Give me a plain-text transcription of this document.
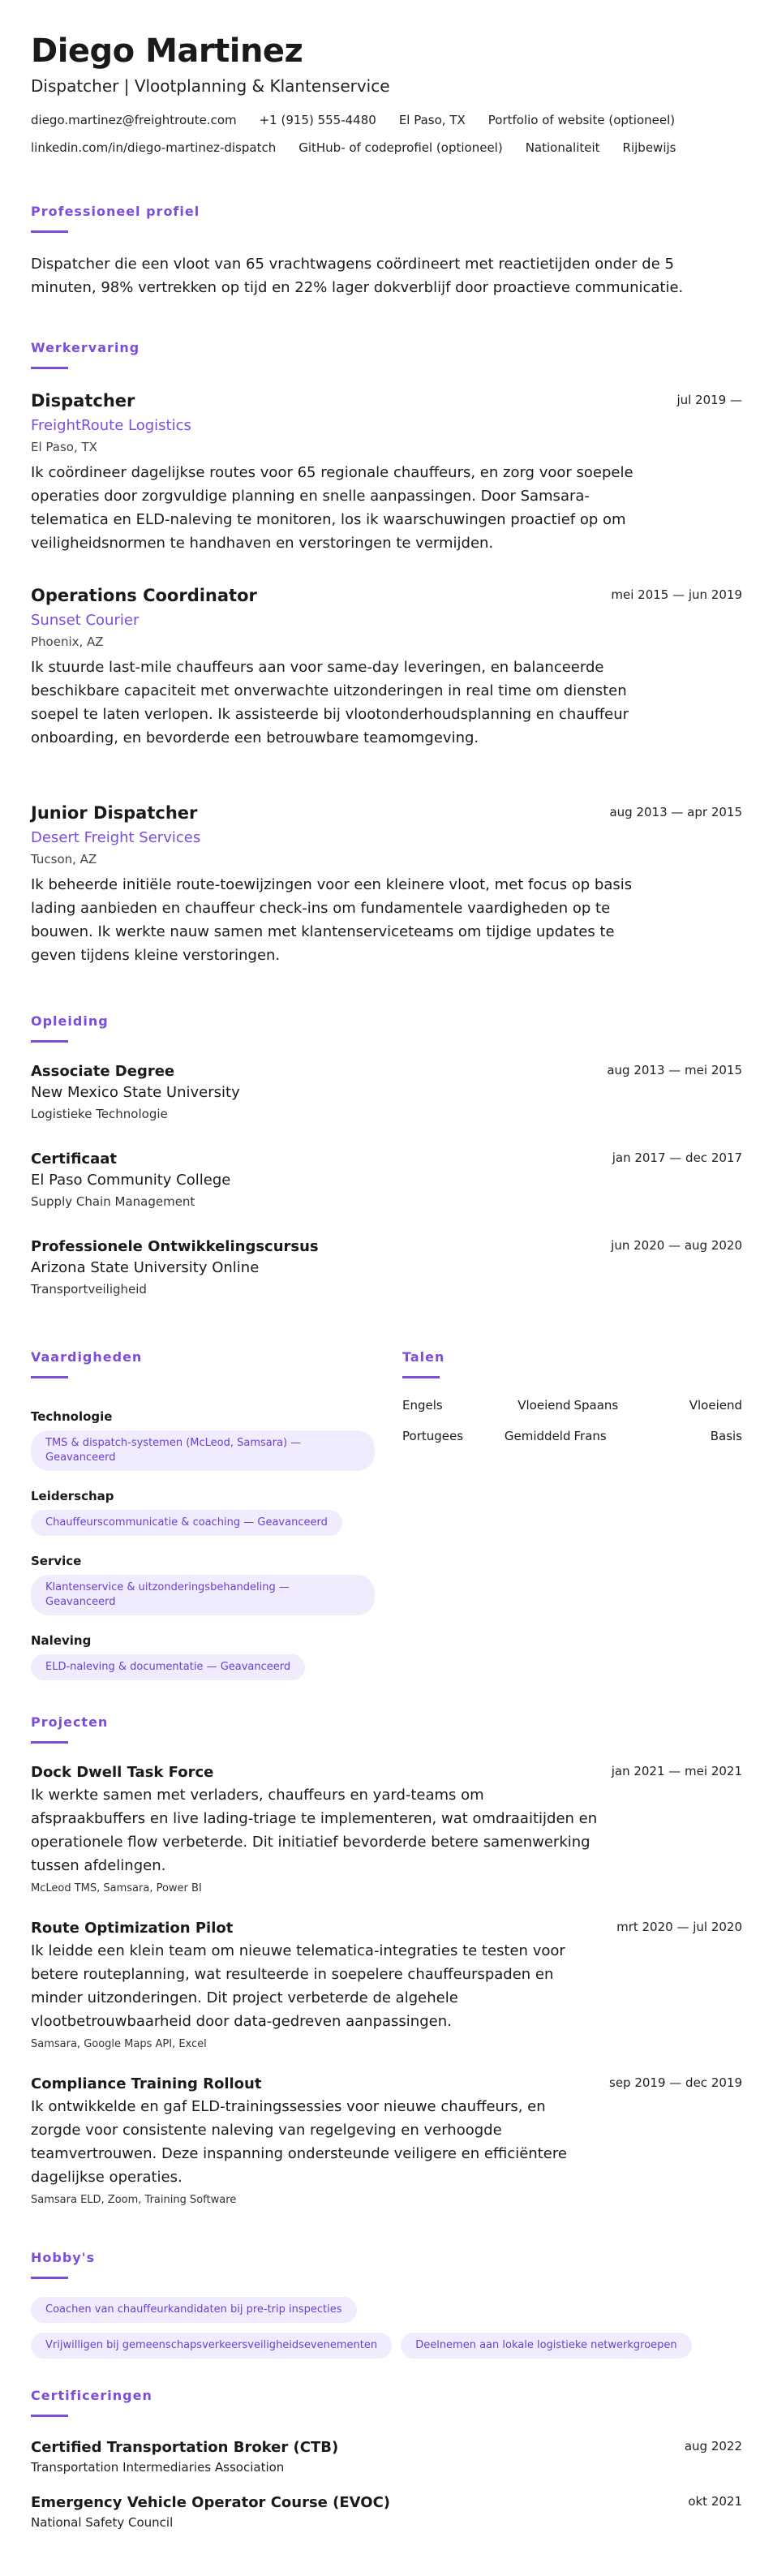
Diego Martinez
Dispatcher | Vlootplanning & Klantenservice
diego.martinez@freightroute.com +1 (915) 555-4480 El Paso, TX Portfolio of website (optioneel)
linkedin.com/in/diego-martinez-dispatch GitHub- of codeprofiel (optioneel) Nationaliteit Rijbewijs
Professioneel profiel
Dispatcher die een vloot van 65 vrachtwagens coördineert met reactietijden onder de 5 minuten, 98% vertrekken op tijd en 22% lager dokverblijf door proactieve communicatie.
Werkervaring
Dispatcher	jul 2019 —
FreightRoute Logistics
El Paso, TX
Ik coördineer dagelijkse routes voor 65 regionale chauffeurs, en zorg voor soepele operaties door zorgvuldige planning en snelle aanpassingen. Door Samsara-telematica en ELD-naleving te monitoren, los ik waarschuwingen proactief op om veiligheidsnormen te handhaven en verstoringen te vermijden.
Operations Coordinator	mei 2015 — jun 2019
Sunset Courier
Phoenix, AZ
Ik stuurde last-mile chauffeurs aan voor same-day leveringen, en balanceerde beschikbare capaciteit met onverwachte uitzonderingen in real time om diensten soepel te laten verlopen. Ik assisteerde bij vlootonderhoudsplanning en chauffeur onboarding, en bevorderde een betrouwbare teamomgeving.
Junior Dispatcher	aug 2013 — apr 2015
Desert Freight Services
Tucson, AZ
Ik beheerde initiële route-toewijzingen voor een kleinere vloot, met focus op basis lading aanbieden en chauffeur check-ins om fundamentele vaardigheden op te bouwen. Ik werkte nauw samen met klantenserviceteams om tijdige updates te geven tijdens kleine verstoringen.
Opleiding
Associate Degree	aug 2013 — mei 2015
New Mexico State University
Logistieke Technologie
Certificaat	jan 2017 — dec 2017
El Paso Community College
Supply Chain Management
Professionele Ontwikkelingscursus	jun 2020 — aug 2020
Arizona State University Online
Transportveiligheid
Vaardigheden
Technologie
TMS & dispatch-systemen (McLeod, Samsara) — Geavanceerd
Leiderschap
Chauffeurscommunicatie & coaching — Geavanceerd
Service
Klantenservice & uitzonderingsbehandeling — Geavanceerd
Naleving
ELD-naleving & documentatie — Geavanceerd
Talen
Engels	Vloeiend Spaans	Vloeiend
Portugees	Gemiddeld Frans	Basis
Projecten
Dock Dwell Task Force	jan 2021 — mei 2021
Ik werkte samen met verladers, chauffeurs en yard-teams om afspraakbuffers en live lading-triage te implementeren, wat omdraaitijden en operationele flow verbeterde. Dit initiatief bevorderde betere samenwerking tussen afdelingen.
McLeod TMS, Samsara, Power BI
Route Optimization Pilot	mrt 2020 — jul 2020
Ik leidde een klein team om nieuwe telematica-integraties te testen voor betere routeplanning, wat resulteerde in soepelere chauffeurspaden en minder uitzonderingen. Dit project verbeterde de algehele vlootbetrouwbaarheid door data-gedreven aanpassingen.
Samsara, Google Maps API, Excel
Compliance Training Rollout	sep 2019 — dec 2019
Ik ontwikkelde en gaf ELD-trainingssessies voor nieuwe chauffeurs, en zorgde voor consistente naleving van regelgeving en verhoogde teamvertrouwen. Deze inspanning ondersteunde veiligere en efficiëntere dagelijkse operaties.
Samsara ELD, Zoom, Training Software
Hobby's
Coachen van chauffeurkandidaten bij pre-trip inspecties
Vrijwilligen bij gemeenschapsverkeersveiligheidsevenementen	Deelnemen aan lokale logistieke netwerkgroepen
Certificeringen
Certified Transportation Broker (CTB)	aug 2022
Transportation Intermediaries Association
Emergency Vehicle Operator Course (EVOC)	okt 2021
National Safety Council
